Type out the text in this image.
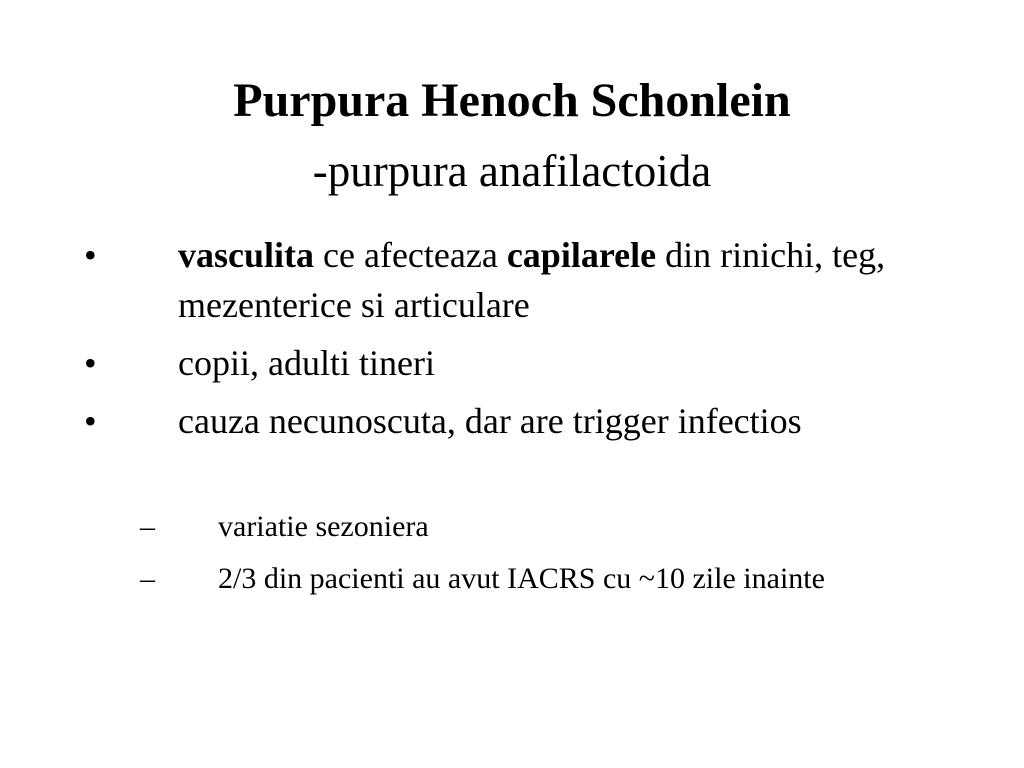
Purpura Henoch Schonlein
-purpura anafilactoida
•	vasculita ce afecteaza capilarele din rinichi, teg, mezenterice si articulare
•	copii, adulti tineri
•	cauza necunoscuta, dar are trigger infectios
–	variatie sezoniera
–	2/3 din pacienti au avut IACRS cu ~10 zile inainte
